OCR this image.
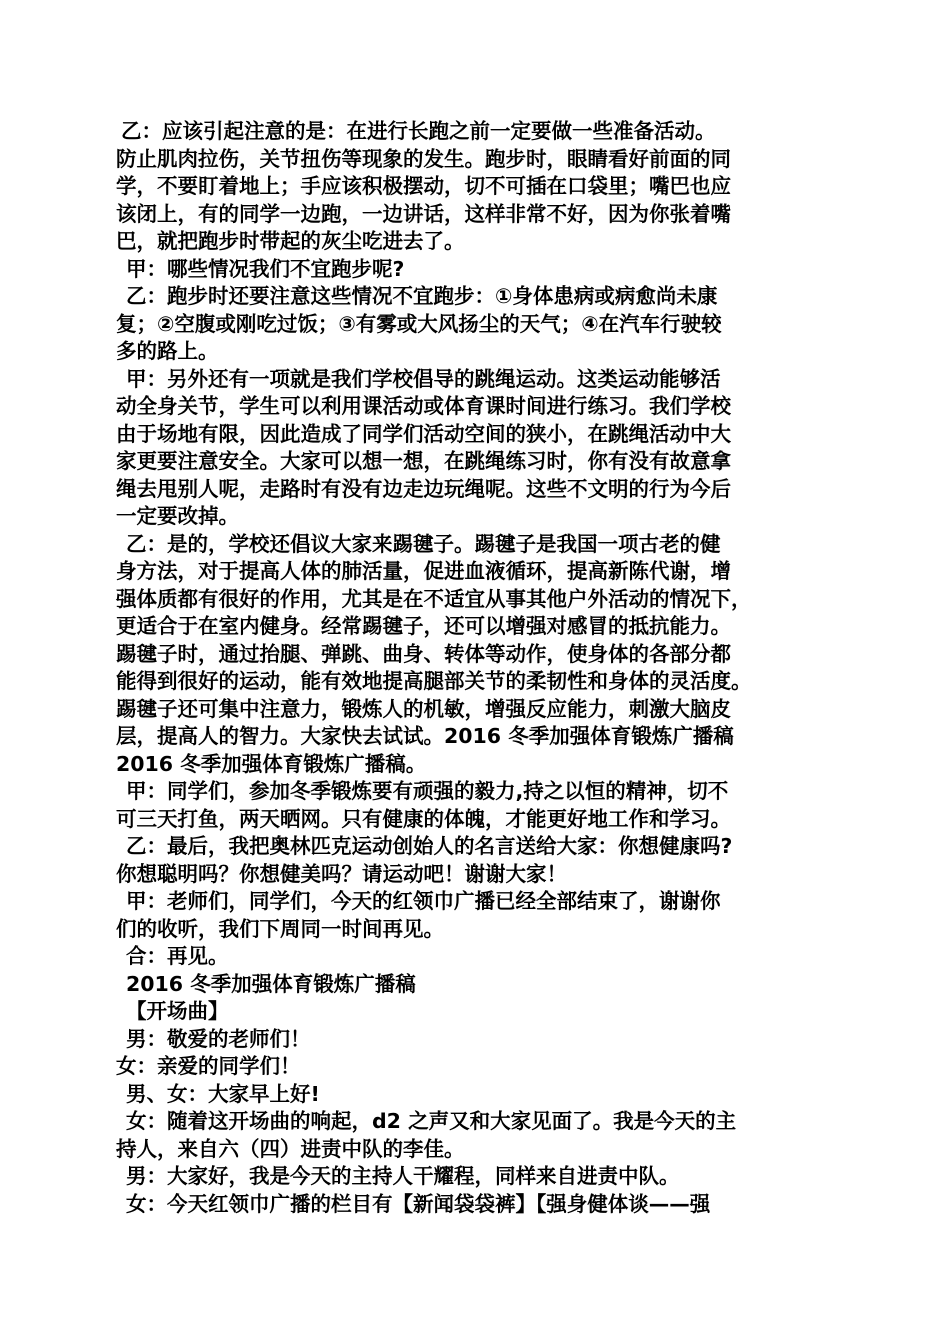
乙：应该引起注意的是：在进行长跑之前一定要做一些准备活动。
防止肌肉拉伤，关节扭伤等现象的发生。跑步时，眼睛看好前面的同
学，不要盯着地上；手应该积极摆动，切不可插在口袋里；嘴巴也应
该闭上，有的同学一边跑，一边讲话，这样非常不好，因为你张着嘴
巴，就把跑步时带起的灰尘吃进去了。
甲：哪些情况我们不宜跑步呢?
乙：跑步时还要注意这些情况不宜跑步：①身体患病或病愈尚未康
复；②空腹或刚吃过饭；③有雾或大风扬尘的天气；④在汽车行驶较
多的路上。
甲：另外还有一项就是我们学校倡导的跳绳运动。这类运动能够活
动全身关节，学生可以利用课活动或体育课时间进行练习。我们学校
由于场地有限，因此造成了同学们活动空间的狭小，在跳绳活动中大
家更要注意安全。大家可以想一想，在跳绳练习时，你有没有故意拿
绳去甩别人呢，走路时有没有边走边玩绳呢。这些不文明的行为今后
一定要改掉。
乙：是的，学校还倡议大家来踢毽子。踢毽子是我国一项古老的健
身方法，对于提高人体的肺活量，促进血液循环，提高新陈代谢，增
强体质都有很好的作用，尤其是在不适宜从事其他户外活动的情况下，
更适合于在室内健身。经常踢毽子，还可以增强对感冒的抵抗能力。
踢毽子时，通过抬腿、弹跳、曲身、转体等动作，使身体的各部分都
能得到很好的运动，能有效地提高腿部关节的柔韧性和身体的灵活度。
踢毽子还可集中注意力，锻炼人的机敏，增强反应能力，刺激大脑皮
层，提高人的智力。大家快去试试。2016 冬季加强体育锻炼广播稿
2016 冬季加强体育锻炼广播稿。
甲：同学们，参加冬季锻炼要有顽强的毅力,持之以恒的精神，切不
可三天打鱼，两天晒网。只有健康的体魄，才能更好地工作和学习。
乙：最后，我把奥林匹克运动创始人的名言送给大家：你想健康吗?
你想聪明吗？你想健美吗？请运动吧！谢谢大家！
甲：老师们，同学们，今天的红领巾广播已经全部结束了，谢谢你
们的收听，我们下周同一时间再见。
合：再见。
2016 冬季加强体育锻炼广播稿
【开场曲】
男：敬爱的老师们！
女：亲爱的同学们！
男、女：大家早上好!
女：随着这开场曲的响起，d2 之声又和大家见面了。我是今天的主
持人，来自六（四）进责中队的李佳。
男：大家好，我是今天的主持人干耀程，同样来自进责中队。
女：今天红领巾广播的栏目有【新闻袋袋裤】【强身健体谈——强
